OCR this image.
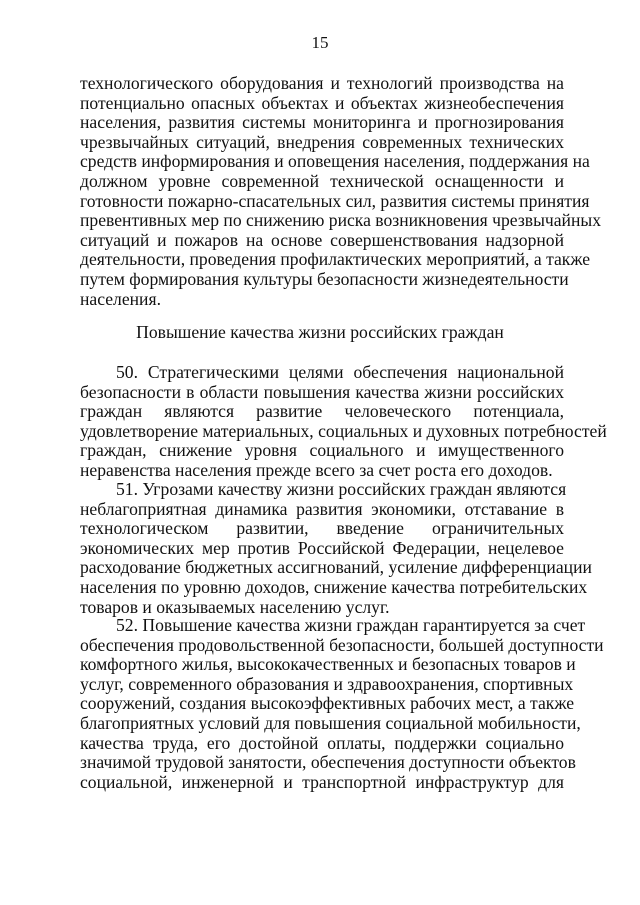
15
технологического оборудования и технологий производства на
потенциально опасных объектах и объектах жизнеобеспечения
населения, развития системы мониторинга и прогнозирования
чрезвычайных ситуаций, внедрения современных технических
средств информирования и оповещения населения, поддержания на
должном уровне современной технической оснащенности и
готовности пожарно-спасательных сил, развития системы принятия
превентивных мер по снижению риска возникновения чрезвычайных
ситуаций и пожаров на основе совершенствования надзорной
деятельности, проведения профилактических мероприятий, а также
путем формирования культуры безопасности жизнедеятельности
населения.
Повышение качества жизни российских граждан
50. Стратегическими целями обеспечения национальной
безопасности в области повышения качества жизни российских
граждан являются развитие человеческого потенциала,
удовлетворение материальных, социальных и духовных потребностей
граждан, снижение уровня социального и имущественного
неравенства населения прежде всего за счет роста его доходов.
51. Угрозами качеству жизни российских граждан являются
неблагоприятная динамика развития экономики, отставание в
технологическом развитии, введение ограничительных
экономических мер против Российской Федерации, нецелевое
расходование бюджетных ассигнований, усиление дифференциации
населения по уровню доходов, снижение качества потребительских
товаров и оказываемых населению услуг.
52. Повышение качества жизни граждан гарантируется за счет
обеспечения продовольственной безопасности, большей доступности
комфортного жилья, высококачественных и безопасных товаров и
услуг, современного образования и здравоохранения, спортивных
сооружений, создания высокоэффективных рабочих мест, а также
благоприятных условий для повышения социальной мобильности,
качества труда, его достойной оплаты, поддержки социально
значимой трудовой занятости, обеспечения доступности объектов
социальной, инженерной и транспортной инфраструктур для
